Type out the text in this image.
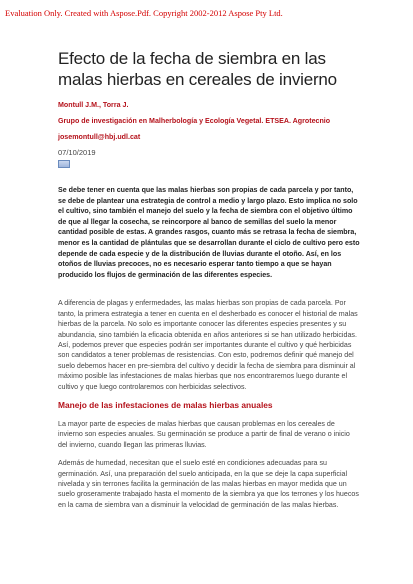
Evaluation Only. Created with Aspose.Pdf. Copyright 2002-2012 Aspose Pty Ltd.
Efecto de la fecha de siembra en las malas hierbas en cereales de invierno

Montull J.M., Torra J.

Grupo de investigación en Malherbología y Ecología Vegetal. ETSEA. Agrotecnio

josemontull@hbj.udl.cat

07/10/2019

Se debe tener en cuenta que las malas hierbas son propias de cada parcela y por tanto, se debe de plantear una estrategia de control a medio y largo plazo. Esto implica no solo el cultivo, sino también el manejo del suelo y la fecha de siembra con el objetivo último de que al llegar la cosecha, se reincorpore al banco de semillas del suelo la menor cantidad posible de estas. A grandes rasgos, cuanto más se retrasa la fecha de siembra, menor es la cantidad de plántulas que se desarrollan durante el ciclo de cultivo pero esto depende de cada especie y de la distribución de lluvias durante el otoño. Así, en los otoños de lluvias precoces, no es necesario esperar tanto tiempo a que se hayan producido los flujos de germinación de las diferentes especies.

A diferencia de plagas y enfermedades, las malas hierbas son propias de cada parcela. Por tanto, la primera estrategia a tener en cuenta en el desherbado es conocer el historial de malas hierbas de la parcela. No solo es importante conocer las diferentes especies presentes y su abundancia, sino también la eficacia obtenida en años anteriores si se han utilizado herbicidas. Así, podemos prever que especies podrán ser importantes durante el cultivo y qué herbicidas son candidatos a tener problemas de resistencias. Con esto, podremos definir qué manejo del suelo debemos hacer en pre-siembra del cultivo y decidir la fecha de siembra para disminuir al máximo posible las infestaciones de malas hierbas que nos encontraremos luego durante el cultivo y que luego controlaremos con herbicidas selectivos.

Manejo de las infestaciones de malas hierbas anuales

La mayor parte de especies de malas hierbas que causan problemas en los cereales de invierno son especies anuales. Su germinación se produce a partir de final de verano o inicio del invierno, cuando llegan las primeras lluvias.

Además de humedad, necesitan que el suelo esté en condiciones adecuadas para su germinación. Así, una preparación del suelo anticipada, en la que se deje la capa superficial nivelada y sin terrones facilita la germinación de las malas hierbas en mayor medida que un suelo groseramente trabajado hasta el momento de la siembra ya que los terrones y los huecos en la cama de siembra van a disminuir la velocidad de germinación de las malas hierbas.
